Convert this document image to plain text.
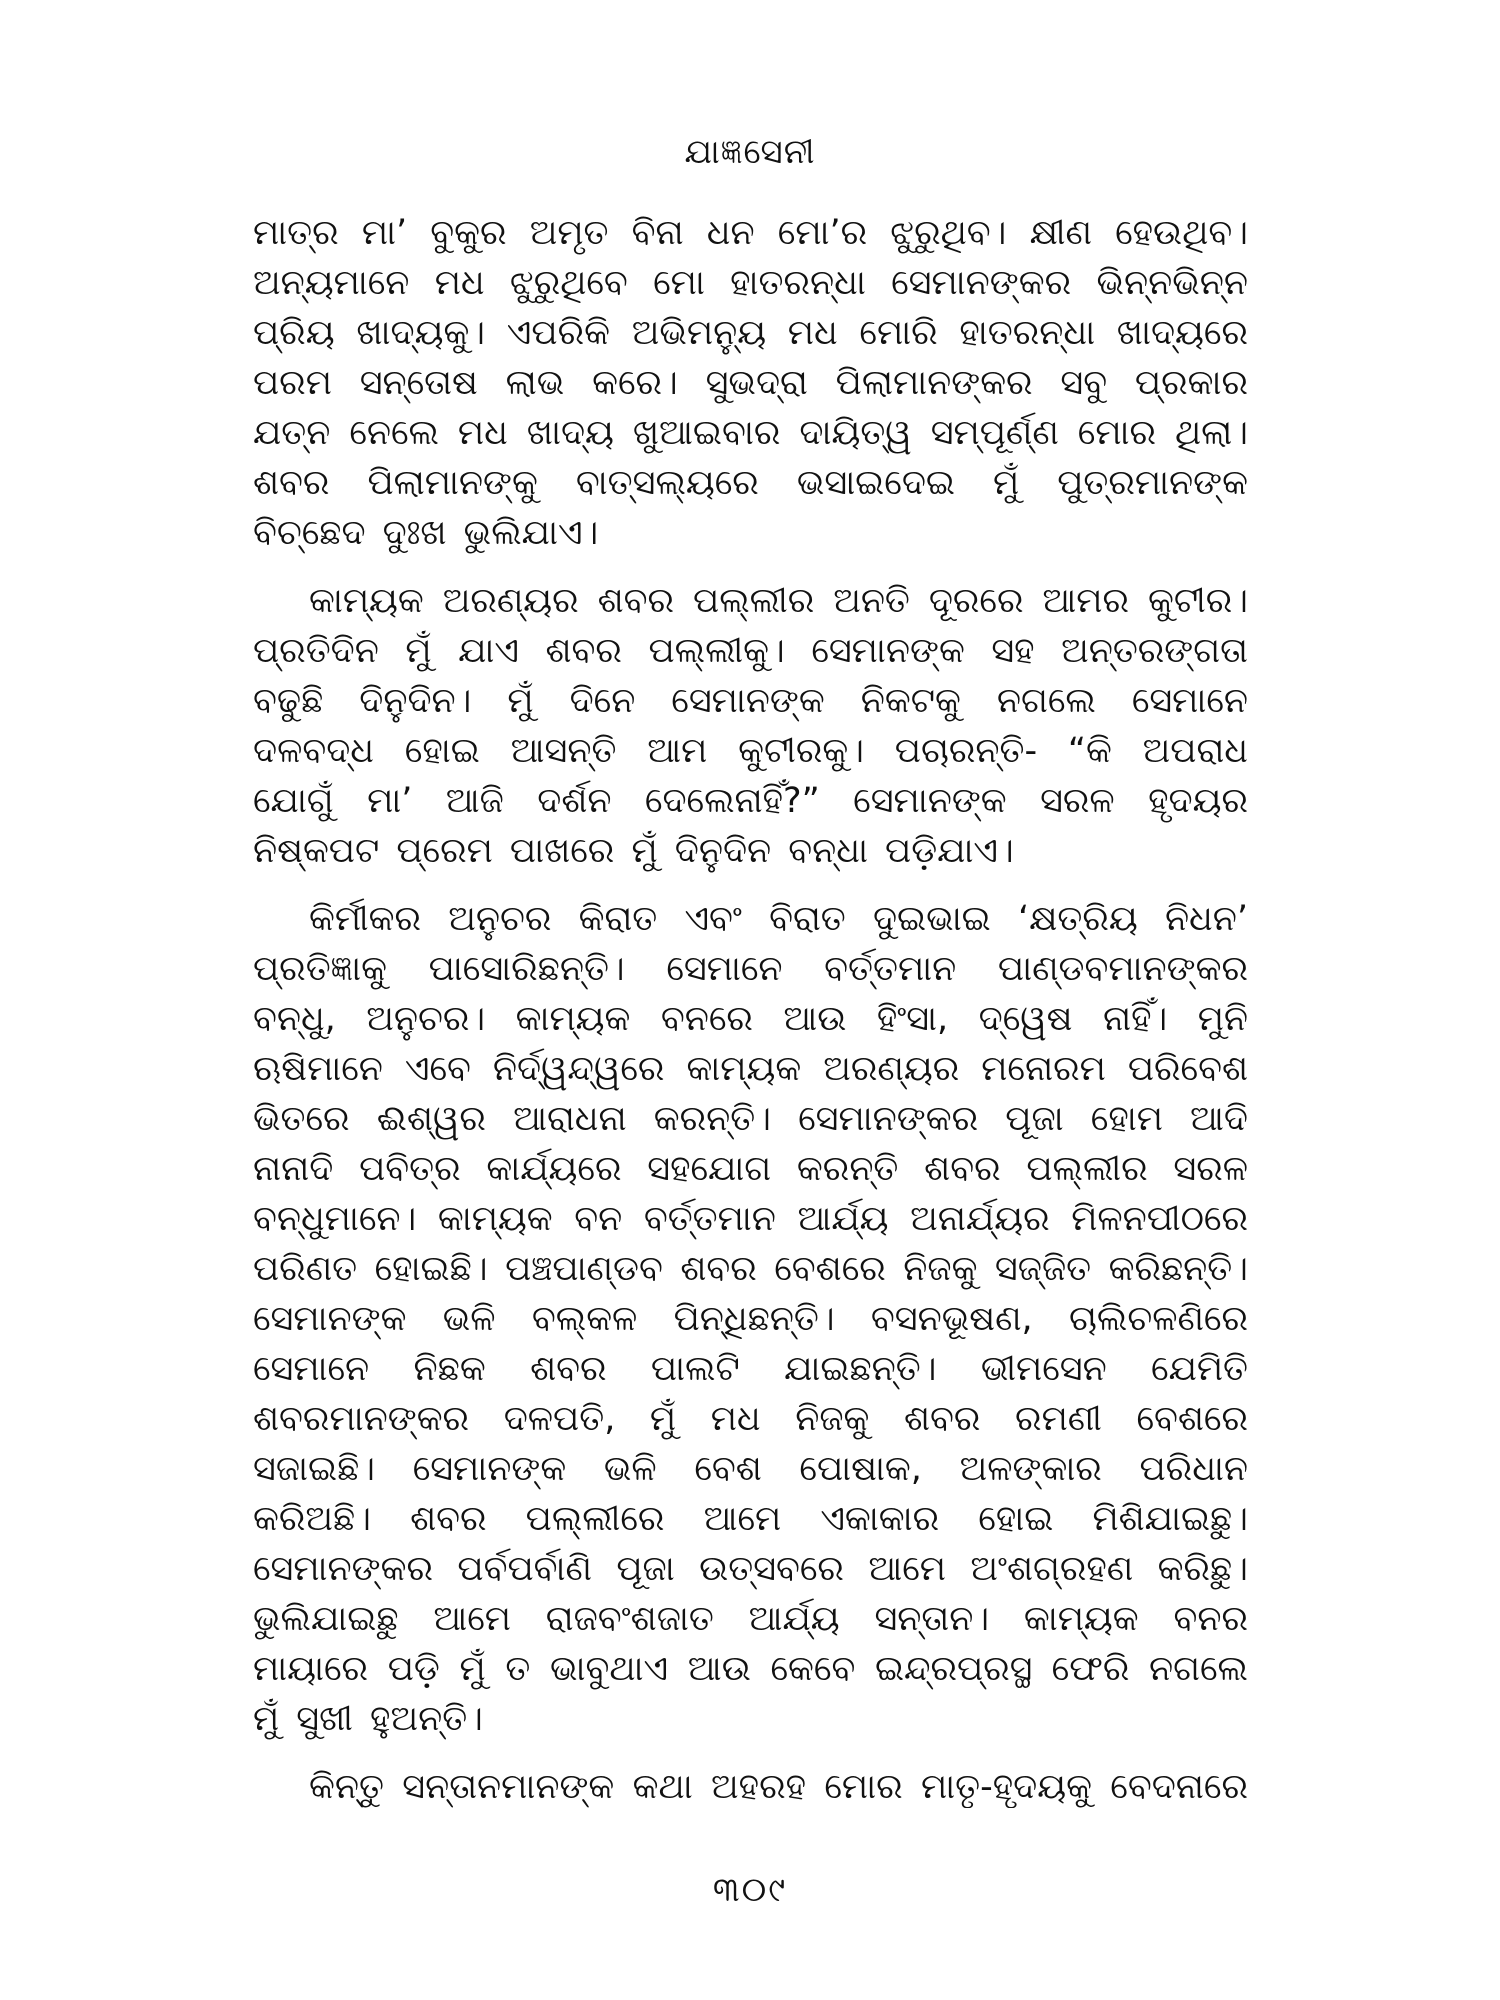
ଯାଜ୍ଞସେନୀ

ମାତ୍ର ମା’ ବୁକୁର ଅମୃତ ବିନା ଧନ ମୋ’ର ଝୁରୁଥିବ। କ୍ଷୀଣ ହେଉଥିବ। ଅନ୍ୟମାନେ ମଧ ଝୁରୁଥିବେ ମୋ ହାତରନ୍ଧା ସେମାନଙ୍କର ଭିନ୍ନଭିନ୍ନ ପ୍ରିୟ ଖାଦ୍ୟକୁ। ଏପରିକି ଅଭିମନ୍ୟୁ ମଧ ମୋରି ହାତରନ୍ଧା ଖାଦ୍ୟରେ ପରମ ସନ୍ତୋଷ ଲାଭ କରେ। ସୁଭଦ୍ରା ପିଲାମାନଙ୍କର ସବୁ ପ୍ରକାର ଯତ୍ନ ନେଲେ ମଧ ଖାଦ୍ୟ ଖୁଆଇବାର ଦାୟିତ୍ୱ ସମ୍ପୂର୍ଣ୍ଣ ମୋର ଥିଲା। ଶବର ପିଲାମାନଙ୍କୁ ବାତ୍ସଲ୍ୟରେ ଭସାଇଦେଇ ମୁଁ ପୁତ୍ରମାନଙ୍କ ବିଚ୍ଛେଦ ଦୁଃଖ ଭୁଲିଯାଏ।

କାମ୍ୟକ ଅରଣ୍ୟର ଶବର ପଲ୍ଲୀର ଅନତି ଦୂରରେ ଆମର କୁଟୀର। ପ୍ରତିଦିନ ମୁଁ ଯାଏ ଶବର ପଲ୍ଲୀକୁ। ସେମାନଙ୍କ ସହ ଅନ୍ତରଙ୍ଗତା ବଢୁଛି ଦିନୁଦିନ। ମୁଁ ଦିନେ ସେମାନଙ୍କ ନିକଟକୁ ନଗଲେ ସେମାନେ ଦଳବଦ୍ଧ ହୋଇ ଆସନ୍ତି ଆମ କୁଟୀରକୁ। ପଚାରନ୍ତି- “କି ଅପରାଧ ଯୋଗୁଁ ମା’ ଆଜି ଦର୍ଶନ ଦେଲେନାହିଁ?” ସେମାନଙ୍କ ସରଳ ହୃଦୟର ନିଷ୍କପଟ ପ୍ରେମ ପାଖରେ ମୁଁ ଦିନୁଦିନ ବନ୍ଧା ପଡ଼ିଯାଏ।

କିର୍ମୀକର ଅନୁଚର କିରାତ ଏବଂ ବିରାତ ଦୁଇଭାଇ ‘କ୍ଷତ୍ରିୟ ନିଧନ’ ପ୍ରତିଜ୍ଞାକୁ ପାସୋରିଛନ୍ତି। ସେମାନେ ବର୍ତ୍ତମାନ ପାଣ୍ଡବମାନଙ୍କର ବନ୍ଧୁ, ଅନୁଚର। କାମ୍ୟକ ବନରେ ଆଉ ହିଂସା, ଦ୍ୱେଷ ନାହିଁ। ମୁନି ଋଷିମାନେ ଏବେ ନିର୍ଦ୍ୱନ୍ଦ୍ୱରେ କାମ୍ୟକ ଅରଣ୍ୟର ମନୋରମ ପରିବେଶ ଭିତରେ ଈଶ୍ୱର ଆରାଧନା କରନ୍ତି। ସେମାନଙ୍କର ପୂଜା ହୋମ ଆଦି ନାନାଦି ପବିତ୍ର କାର୍ଯ୍ୟରେ ସହଯୋଗ କରନ୍ତି ଶବର ପଲ୍ଲୀର ସରଳ ବନ୍ଧୁମାନେ। କାମ୍ୟକ ବନ ବର୍ତ୍ତମାନ ଆର୍ଯ୍ୟ ଅନାର୍ଯ୍ୟର ମିଳନପୀଠରେ ପରିଣତ ହୋଇଛି। ପଞ୍ଚପାଣ୍ଡବ ଶବର ବେଶରେ ନିଜକୁ ସଜ୍ଜିତ କରିଛନ୍ତି। ସେମାନଙ୍କ ଭଳି ବଲ୍‌କଳ ପିନ୍ଧିଛନ୍ତି। ବସନଭୂଷଣ, ଚାଲିଚଳଣିରେ ସେମାନେ ନିଛକ ଶବର ପାଲଟି ଯାଇଛନ୍ତି। ଭୀମସେନ ଯେମିତି ଶବରମାନଙ୍କର ଦଳପତି, ମୁଁ ମଧ ନିଜକୁ ଶବର ରମଣୀ ବେଶରେ ସଜାଇଛି। ସେମାନଙ୍କ ଭଳି ବେଶ ପୋଷାକ, ଅଳଙ୍କାର ପରିଧାନ କରିଅଛି। ଶବର ପଲ୍ଲୀରେ ଆମେ ଏକାକାର ହୋଇ ମିଶିଯାଇଛୁ। ସେମାନଙ୍କର ପର୍ବପର୍ବାଣି ପୂଜା ଉତ୍ସବରେ ଆମେ ଅଂଶଗ୍ରହଣ କରିଛୁ। ଭୁଲିଯାଇଛୁ ଆମେ ରାଜବଂଶଜାତ ଆର୍ଯ୍ୟ ସନ୍ତାନ। କାମ୍ୟକ ବନର ମାୟାରେ ପଡ଼ି ମୁଁ ତ ଭାବୁଥାଏ ଆଉ କେବେ ଇନ୍ଦ୍ରପ୍ରସ୍ଥ ଫେରି ନଗଲେ ମୁଁ ସୁଖୀ ହୁଅନ୍ତି।

କିନ୍ତୁ ସନ୍ତାନମାନଙ୍କ କଥା ଅହରହ ମୋର ମାତୃ-ହୃଦୟକୁ ବେଦନାରେ

୩୦୯
